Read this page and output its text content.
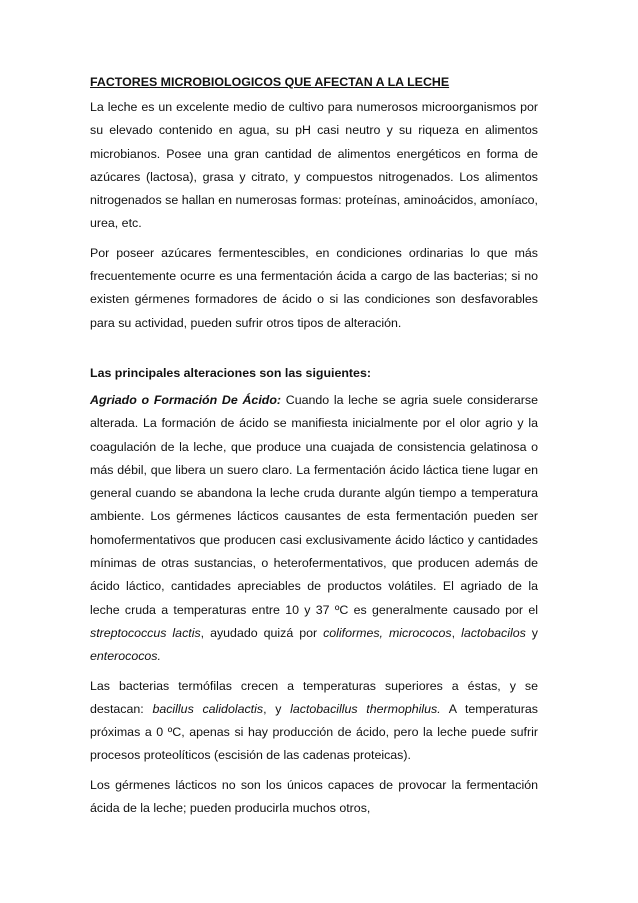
FACTORES MICROBIOLOGICOS QUE AFECTAN A LA LECHE

La leche es un excelente medio de cultivo para numerosos microorganismos por su elevado contenido en agua, su pH casi neutro y su riqueza en alimentos microbianos. Posee una gran cantidad de alimentos energéticos en forma de azúcares (lactosa), grasa y citrato, y compuestos nitrogenados. Los alimentos nitrogenados se hallan en numerosas formas: proteínas, aminoácidos, amoníaco, urea, etc.

Por poseer azúcares fermentescibles, en condiciones ordinarias lo que más frecuentemente ocurre es una fermentación ácida a cargo de las bacterias; si no existen gérmenes formadores de ácido o si las condiciones son desfavorables para su actividad, pueden sufrir otros tipos de alteración.

Las principales alteraciones son las siguientes:

Agriado o Formación De Ácido: Cuando la leche se agria suele considerarse alterada. La formación de ácido se manifiesta inicialmente por el olor agrio y la coagulación de la leche, que produce una cuajada de consistencia gelatinosa o más débil, que libera un suero claro. La fermentación ácido láctica tiene lugar en general cuando se abandona la leche cruda durante algún tiempo a temperatura ambiente. Los gérmenes lácticos causantes de esta fermentación pueden ser homofermentativos que producen casi exclusivamente ácido láctico y cantidades mínimas de otras sustancias, o heterofermentativos, que producen además de ácido láctico, cantidades apreciables de productos volátiles. El agriado de la leche cruda a temperaturas entre 10 y 37 ºC es generalmente causado por el streptococcus lactis, ayudado quizá por coliformes, micrococos, lactobacilos y enterococos.

Las bacterias termófilas crecen a temperaturas superiores a éstas, y se destacan: bacillus calidolactis, y lactobacillus thermophilus. A temperaturas próximas a 0 ºC, apenas si hay producción de ácido, pero la leche puede sufrir procesos proteolíticos (escisión de las cadenas proteicas).

Los gérmenes lácticos no son los únicos capaces de provocar la fermentación ácida de la leche; pueden producirla muchos otros,
